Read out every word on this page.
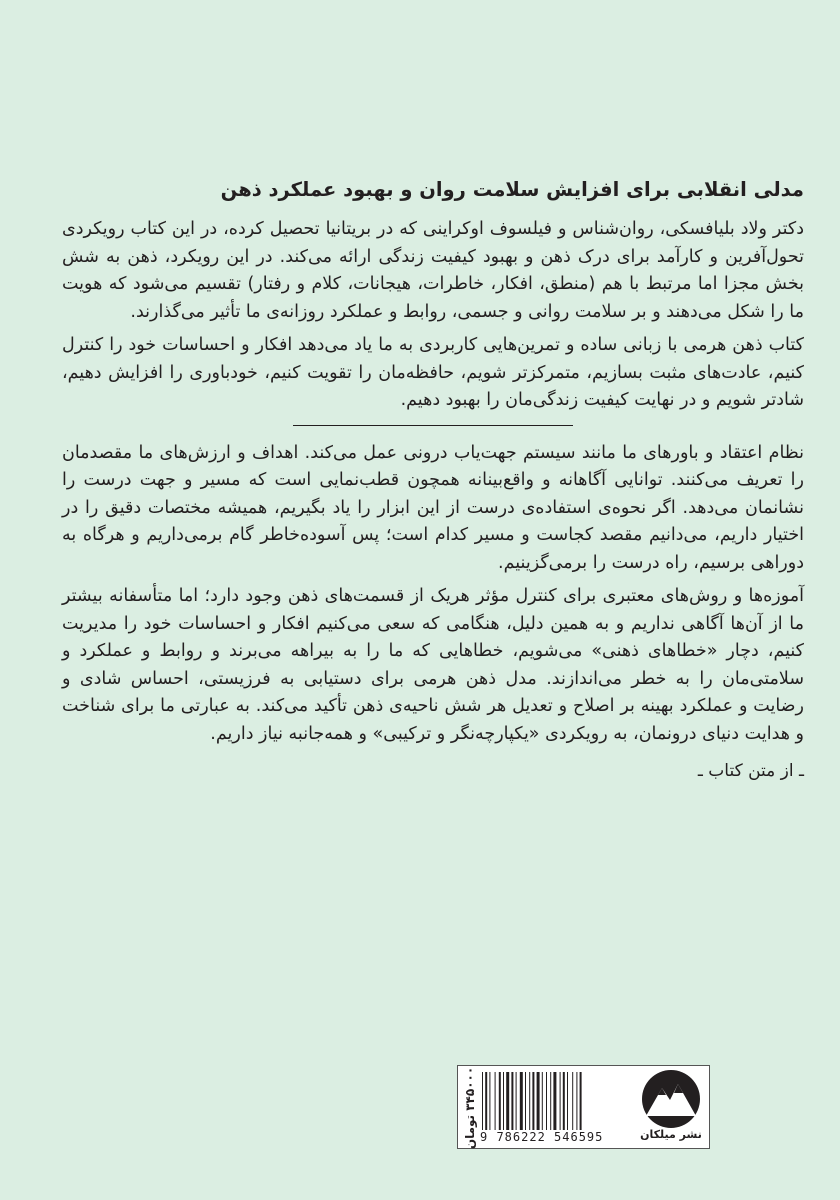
مدلی انقلابی برای افزایش سلامت روان و بهبود عملکرد ذهن
دکتر ولاد بلیافسکی، روان‌شناس و فیلسوف اوکراینی که در بریتانیا تحصیل کرده، در این کتاب رویکردی تحول‌آفرین و کارآمد برای درک ذهن و بهبود کیفیت زندگی ارائه می‌کند. در این رویکرد، ذهن به شش بخش مجزا اما مرتبط با هم (منطق، افکار، خاطرات، هیجانات، کلام و رفتار) تقسیم می‌شود که هویت ما را شکل می‌دهند و بر سلامت روانی و جسمی، روابط و عملکرد روزانه‌ی ما تأثیر می‌گذارند.
کتاب ذهن هرمی با زبانی ساده و تمرین‌هایی کاربردی به ما یاد می‌دهد افکار و احساسات خود را کنترل کنیم، عادت‌های مثبت بسازیم، متمرکزتر شویم، حافظه‌مان را تقویت کنیم، خودباوری را افزایش دهیم، شادتر شویم و در نهایت کیفیت زندگی‌مان را بهبود دهیم.
نظام اعتقاد و باورهای ما مانند سیستم جهت‌یاب درونی عمل می‌کند. اهداف و ارزش‌های ما مقصدمان را تعریف می‌کنند. توانایی آگاهانه و واقع‌بینانه همچون قطب‌نمایی است که مسیر و جهت درست را نشانمان می‌دهد. اگر نحوه‌ی استفاده‌ی درست از این ابزار را یاد بگیریم، همیشه مختصات دقیق را در اختیار داریم، می‌دانیم مقصد کجاست و مسیر کدام است؛ پس آسوده‌خاطر گام برمی‌داریم و هرگاه به دوراهی برسیم، راه درست را برمی‌گزینیم.
آموزه‌ها و روش‌های معتبری برای کنترل مؤثر هریک از قسمت‌های ذهن وجود دارد؛ اما متأسفانه بیشتر ما از آن‌ها آگاهی نداریم و به همین دلیل، هنگامی که سعی می‌کنیم افکار و احساسات خود را مدیریت کنیم، دچار «خطاهای ذهنی» می‌شویم، خطاهایی که ما را به بیراهه می‌برند و روابط و عملکرد و سلامتی‌مان را به خطر می‌اندازند. مدل ذهن هرمی برای دستیابی به فرزیستی، احساس شادی و رضایت و عملکرد بهینه بر اصلاح و تعدیل هر شش ناحیه‌ی ذهن تأکید می‌کند. به عبارتی ما برای شناخت و هدایت دنیای درونمان، به رویکردی «یکپارچه‌نگر و ترکیبی» و همه‌جانبه نیاز داریم.
ـ از متن کتاب ـ
۳۴۵۰۰۰ تومان
9 786222 546595	نشر میلکان
